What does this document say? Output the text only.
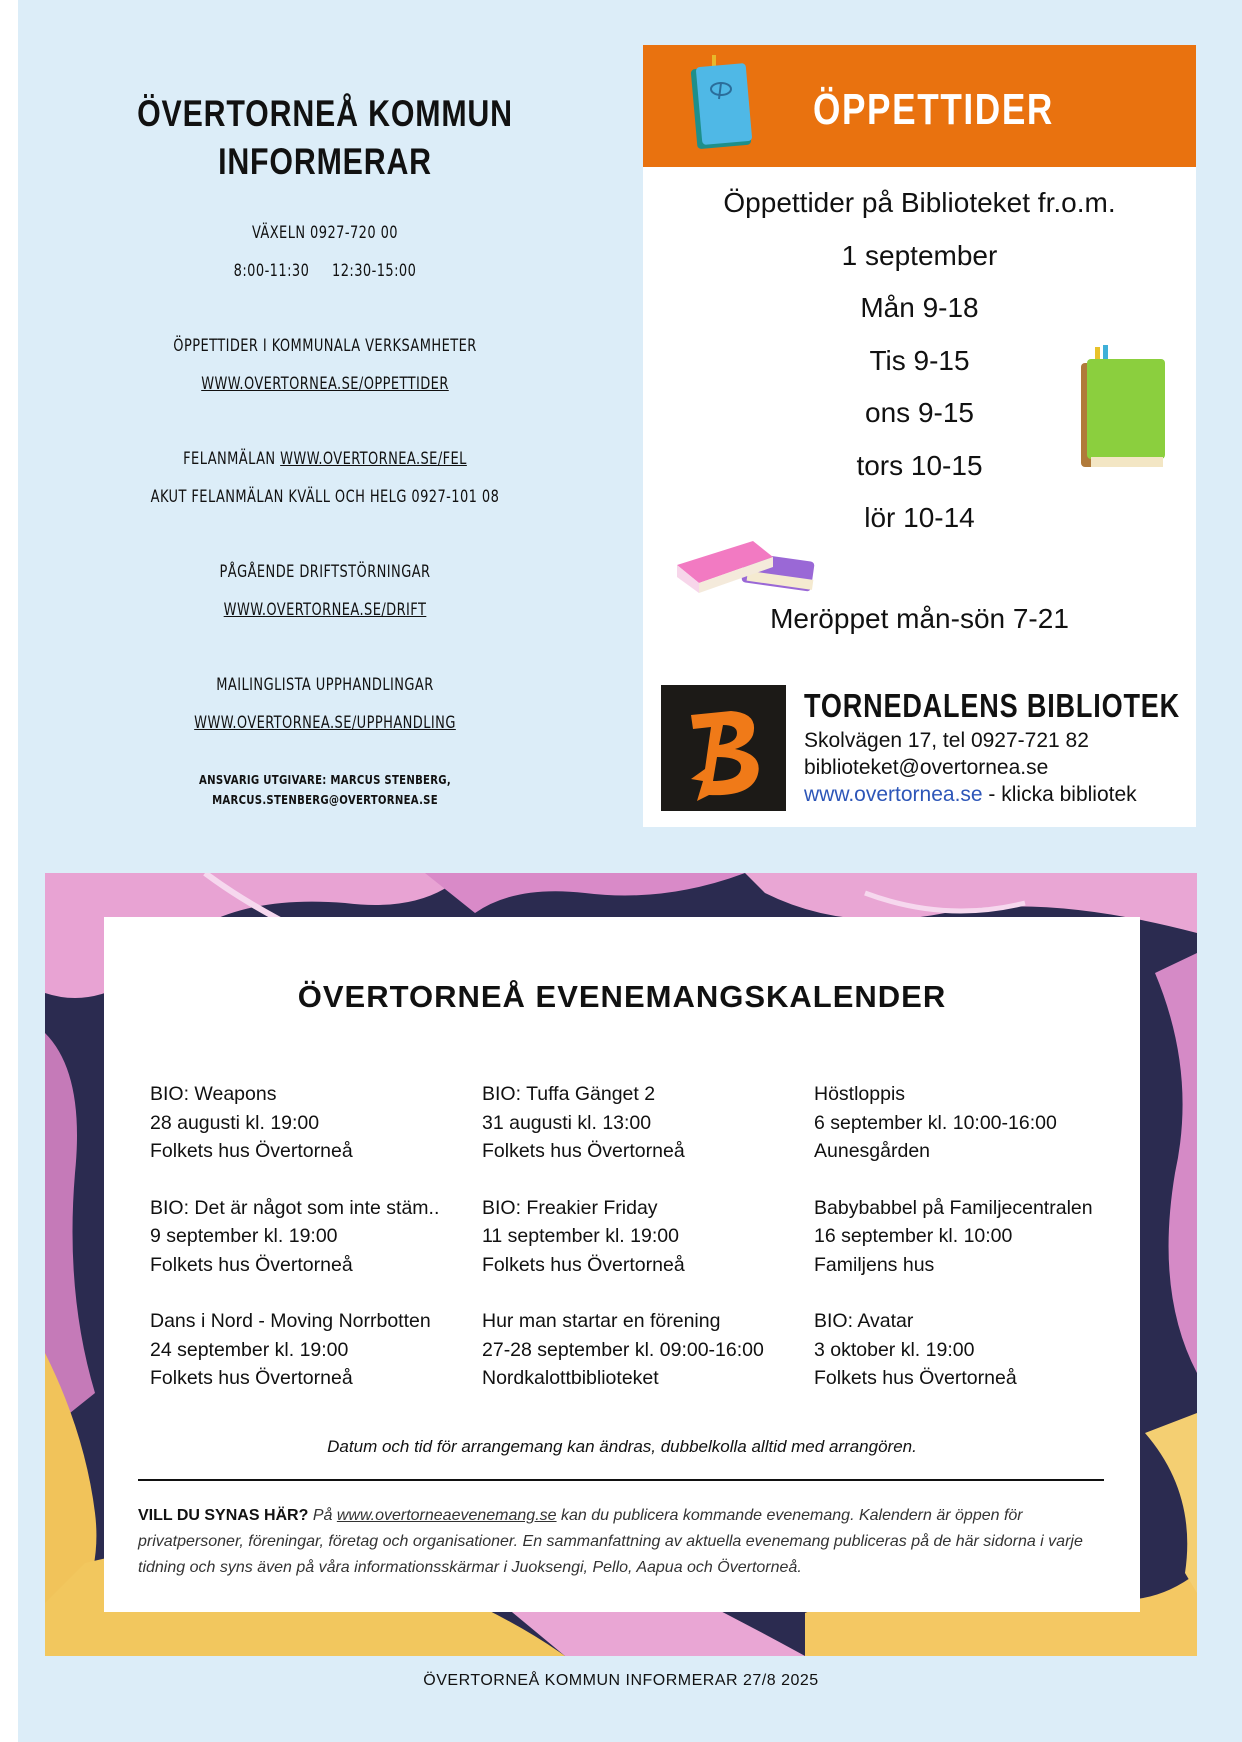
ÖVERTORNEÅ KOMMUN
INFORMERAR
VÄXELN 0927-720 00
8:00-11:30     12:30-15:00
ÖPPETTIDER I KOMMUNALA VERKSAMHETER
WWW.OVERTORNEA.SE/OPPETTIDER
FELANMÄLAN WWW.OVERTORNEA.SE/FEL
AKUT FELANMÄLAN KVÄLL OCH HELG 0927-101 08
PÅGÅENDE DRIFTSTÖRNINGAR
WWW.OVERTORNEA.SE/DRIFT
MAILINGLISTA UPPHANDLINGAR
WWW.OVERTORNEA.SE/UPPHANDLING
ANSVARIG UTGIVARE: MARCUS STENBERG, MARCUS.STENBERG@OVERTORNEA.SE
ÖPPETTIDER
Öppettider på Biblioteket fr.o.m.
1 september
Mån 9-18
Tis 9-15
ons 9-15
tors 10-15
lör 10-14
Meröppet mån-sön 7-21
TORNEDALENS BIBLIOTEK
Skolvägen 17, tel 0927-721 82
biblioteket@overtornea.se
www.overtornea.se - klicka bibliotek
ÖVERTORNEÅ EVENEMANGSKALENDER
BIO: Weapons
28 augusti kl. 19:00
Folkets hus Övertorneå
BIO: Tuffa Gänget 2
31 augusti kl. 13:00
Folkets hus Övertorneå
Höstloppis
6 september kl. 10:00-16:00
Aunesgården
BIO: Det är något som inte stäm..
9 september kl. 19:00
Folkets hus Övertorneå
BIO: Freakier Friday
11 september kl. 19:00
Folkets hus Övertorneå
Babybabbel på Familjecentralen
16 september kl. 10:00
Familjens hus
Dans i Nord - Moving Norrbotten
24 september kl. 19:00
Folkets hus Övertorneå
Hur man startar en förening
27-28 september kl. 09:00-16:00
Nordkalottbiblioteket
BIO: Avatar
3 oktober kl. 19:00
Folkets hus Övertorneå
Datum och tid för arrangemang kan ändras, dubbelkolla alltid med arrangören.

VILL DU SYNAS HÄR? På www.overtorneaevenemang.se kan du publicera kommande evenemang. Kalendern är öppen för privatpersoner, föreningar, företag och organisationer. En sammanfattning av aktuella evenemang publiceras på de här sidorna i varje tidning och syns även på våra informationsskärmar i Juoksengi, Pello, Aapua och Övertorneå.

ÖVERTORNEÅ KOMMUN INFORMERAR 27/8 2025
